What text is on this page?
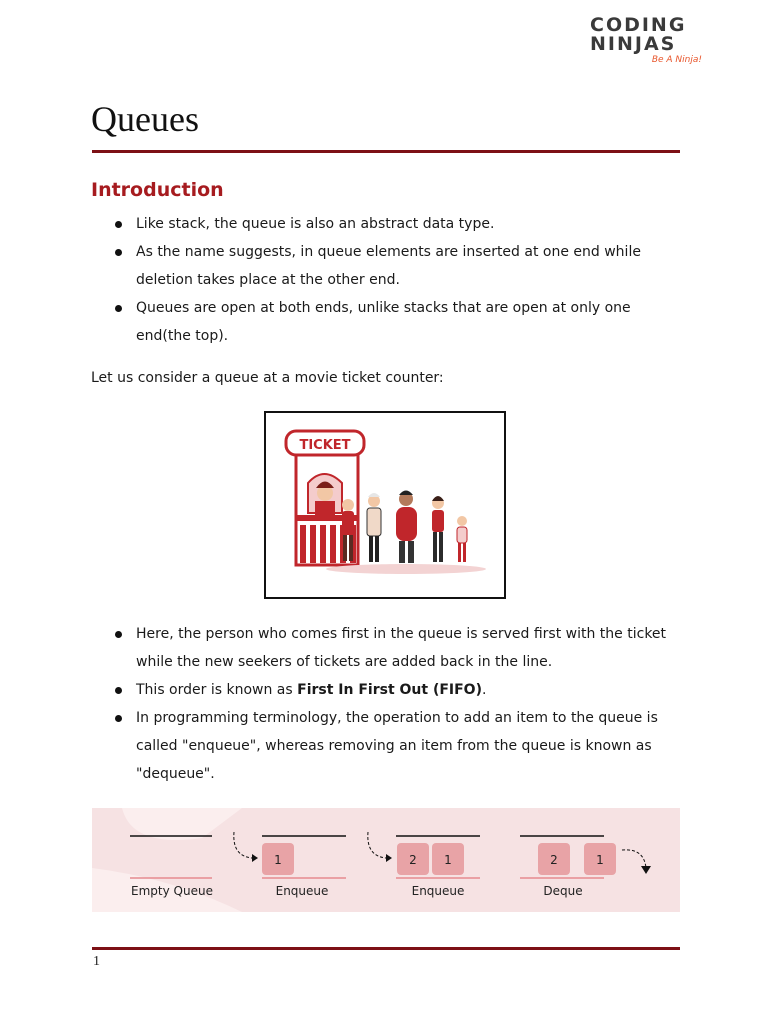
CODING
NINJAS
Be A Ninja!
Queues
Introduction
Like stack, the queue is also an abstract data type.
As the name suggests, in queue elements are inserted at one end while deletion takes place at the other end.
Queues are open at both ends, unlike stacks that are open at only one end(the top).

Let us consider a queue at a movie ticket counter:

TICKET
Here, the person who comes first in the queue is served first with the ticket while the new seekers of tickets are added back in the line.
This order is known as First In First Out (FIFO).
In programming terminology, the operation to add an item to the queue is called "enqueue", whereas removing an item from the queue is known as "dequeue".
Empty Queue
1
Enqueue
2 1
Enqueue
2	1
Deque
1
